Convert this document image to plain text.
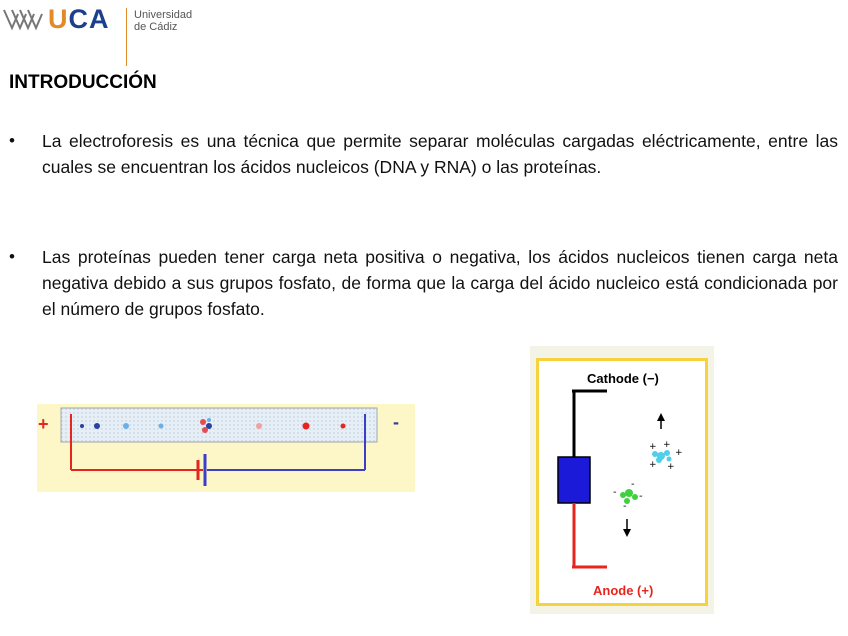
UCA Universidad
de Cádiz
INTRODUCCIÓN
• La electroforesis es una técnica que permite separar moléculas cargadas eléctricamente, entre las cuales se encuentran los ácidos nucleicos (DNA y RNA) o las proteínas.
• Las proteínas pueden tener carga neta positiva o negativa, los ácidos nucleicos tienen carga neta negativa debido a sus grupos fosfato, de forma que la carga del ácido nucleico está condicionada por el número de grupos fosfato.
+	-
+ +
+ +
+
-
-
-
-
Cathode (−)
Anode (+)
